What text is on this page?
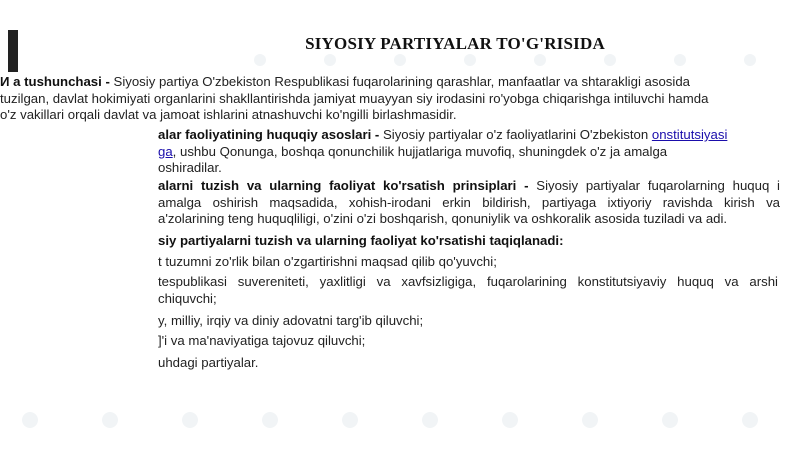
SIYOSIY PARTIYALAR TO'G'RISIDA
И a tushunchasi - Siyosiy partiya O'zbekiston Respublikasi fuqarolarining qarashlar, manfaatlar va shtarakligi asosida
tuzilgan, davlat hokimiyati organlarini shakllantirishda jamiyat muayyan siy irodasini ro'yobga chiqarishga intiluvchi hamda
o'z vakillari orqali davlat va jamoat ishlarini atnashuvchi ko'ngilli birlashmasidir.
alar faoliyatining huquqiy asoslari - Siyosiy partiyalar o'z faoliyatlarini O'zbekiston onstitutsiyasi
ga, ushbu Qonunga, boshqa qonunchilik hujjatlariga muvofiq, shuningdek o'z ja amalga
oshiradilar.
alarni tuzish va ularning faoliyat ko'rsatish prinsiplari - Siyosiy partiyalar fuqarolarning huquq i
amalga oshirish maqsadida, xohish-irodani erkin bildirish, partiyaga ixtiyoriy ravishda kirish va
a'zolarining teng huquqliligi, o'zini o'zi boshqarish, qonuniylik va oshkoralik asosida tuziladi va adi.
siy partiyalarni tuzish va ularning faoliyat ko'rsatishi taqiqlanadi:
t tuzumni zo'rlik bilan o'zgartirishni maqsad qilib qo'yuvchi;
tespublikasi suvereniteti, yaxlitligi va xavfsizligiga, fuqarolarining konstitutsiyaviy huquq va arshi
chiquvchi;
y, milliy, irqiy va diniy adovatni targ'ib qiluvchi;
]'i va ma'naviyatiga tajovuz qiluvchi;
uhdagi partiyalar.
